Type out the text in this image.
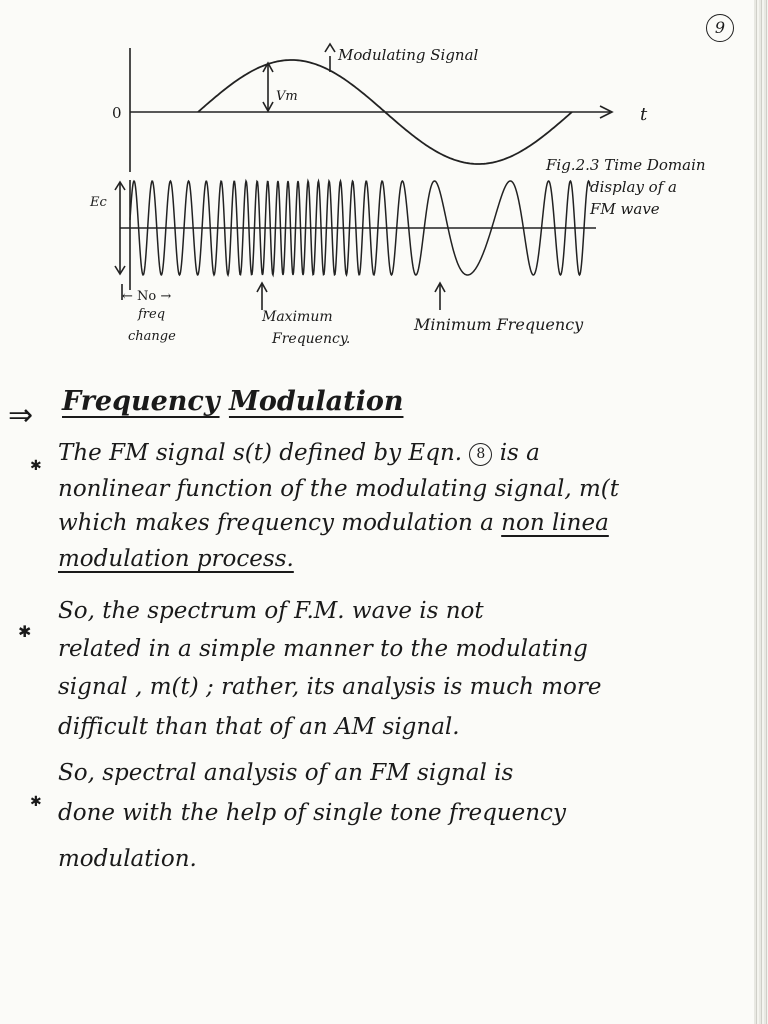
9
Modulating Signal
Vm
0	t
Ec
← No →
freq
change
Maximum
Frequency.
Minimum Frequency
Fig.2.3 Time Domain
display of a
FM wave
⇒ Frequency Modulation
✱ The FM signal s(t) defined by Eqn. 8 is a
nonlinear function of the modulating signal, m(t
which makes frequency modulation a non linea
modulation process.
✱
So, the spectrum of F.M. wave is not
related in a simple manner to the modulating
signal , m(t) ; rather, its analysis is much more
difficult than that of an AM signal.
✱
So, spectral analysis of an FM signal is
done with the help of single tone frequency
modulation.
